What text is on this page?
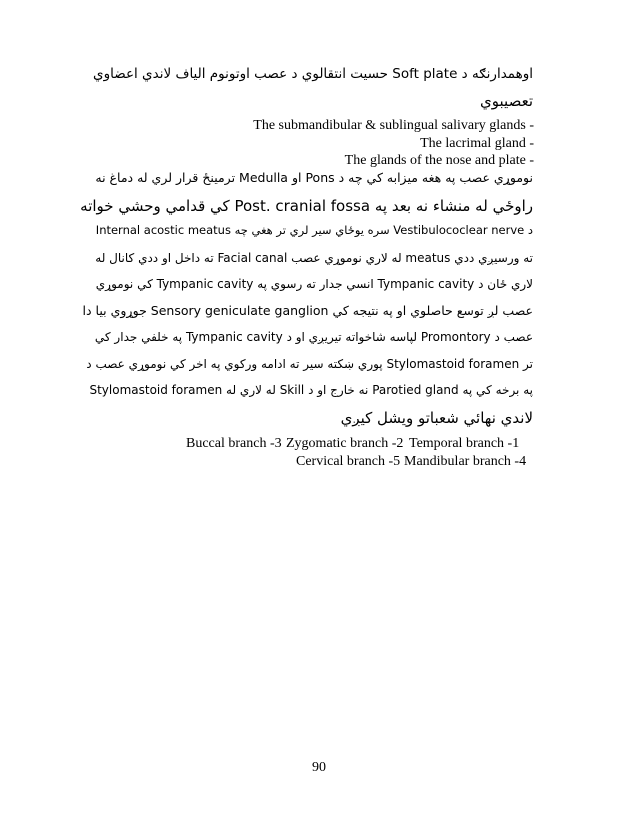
اوهمدارنګه د Soft plate حسیت انتقالوي د عصب اوتونوم الیاف لاندي اعضاوي
تعصیبوي
The submandibular & sublingual salivary glands -
The lacrimal gland -
The glands of the nose and plate -
نوموړي عصب په هغه میزابه کي چه د Pons او Medulla ترمینځ قرار لري له دماغ نه
راوځي له منشاء نه بعد په Post. cranial fossa کي قدامي وحشي خواته
د Vestibulococlear nerve سره یوځاي سیر لري تر هغي چه Internal acostic meatus
ته ورسیږي ددي meatus له لاري نوموړي عصب Facial canal ته داخل او ددي کانال له
لاري ځان د Tympanic cavity انسي جدار ته رسوي په Tympanic cavity کي نوموړي
عصب لږ توسع حاصلوي او په نتیجه کي Sensory geniculate ganglion جوړوي بیا دا
عصب د Promontory لپاسه شاخواته تیریږي او د Tympanic cavity په خلفي جدار کي
تر Stylomastoid foramen پوري ښکته سیر ته ادامه ورکوي په اخر کي نوموړي عصب د
Stylomastoid foramen له لاري له Skill نه خارج او د Parotied gland په برخه کي په
لاندي نهائي شعباتو ویشل کیږي
Temporal branch -1
Zygomatic branch -2
Buccal branch -3
Mandibular branch -4
Cervical branch -5
90
